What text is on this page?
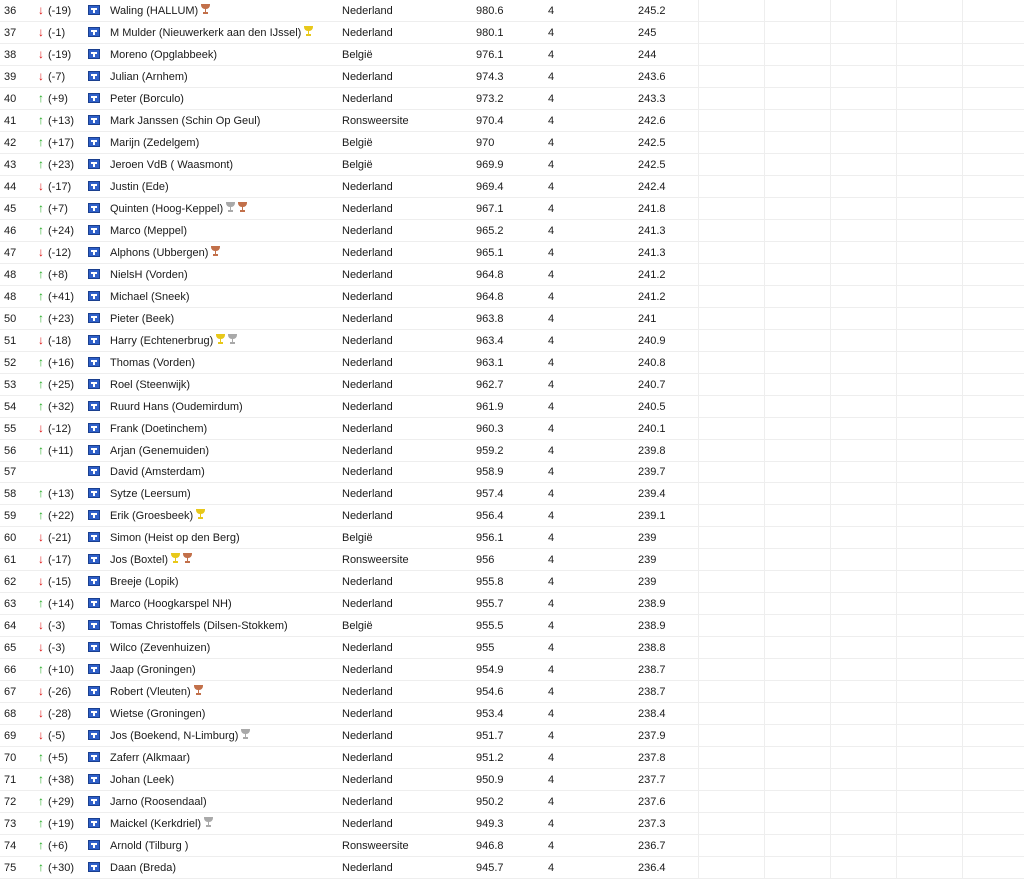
36	↓ (-19)		Waling (HALLUM)	Nederland	980.6	4	245.2					
37	↓ (-1)		M Mulder (Nieuwerkerk aan den IJssel)	Nederland	980.1	4	245					
38	↓ (-19)		Moreno (Opglabbeek)	België	976.1	4	244					
39	↓ (-7)		Julian (Arnhem)	Nederland	974.3	4	243.6					
40	↑ (+9)		Peter (Borculo)	Nederland	973.2	4	243.3					
41	↑ (+13)		Mark Janssen (Schin Op Geul)	Ronsweersite	970.4	4	242.6					
42	↑ (+17)		Marijn (Zedelgem)	België	970	4	242.5					
43	↑ (+23)		Jeroen VdB ( Waasmont)	België	969.9	4	242.5					
44	↓ (-17)		Justin (Ede)	Nederland	969.4	4	242.4					
45	↑ (+7)		Quinten (Hoog-Keppel)	Nederland	967.1	4	241.8					
46	↑ (+24)		Marco (Meppel)	Nederland	965.2	4	241.3					
47	↓ (-12)		Alphons (Ubbergen)	Nederland	965.1	4	241.3					
48	↑ (+8)		NielsH (Vorden)	Nederland	964.8	4	241.2					
48	↑ (+41)		Michael (Sneek)	Nederland	964.8	4	241.2					
50	↑ (+23)		Pieter (Beek)	Nederland	963.8	4	241					
51	↓ (-18)		Harry (Echtenerbrug)	Nederland	963.4	4	240.9					
52	↑ (+16)		Thomas (Vorden)	Nederland	963.1	4	240.8					
53	↑ (+25)		Roel (Steenwijk)	Nederland	962.7	4	240.7					
54	↑ (+32)		Ruurd Hans (Oudemirdum)	Nederland	961.9	4	240.5					
55	↓ (-12)		Frank (Doetinchem)	Nederland	960.3	4	240.1					
56	↑ (+11)		Arjan (Genemuiden)	Nederland	959.2	4	239.8					
57			David (Amsterdam)	Nederland	958.9	4	239.7					
58	↑ (+13)		Sytze (Leersum)	Nederland	957.4	4	239.4					
59	↑ (+22)		Erik (Groesbeek)	Nederland	956.4	4	239.1					
60	↓ (-21)		Simon (Heist op den Berg)	België	956.1	4	239					
61	↓ (-17)		Jos (Boxtel)	Ronsweersite	956	4	239					
62	↓ (-15)		Breeje (Lopik)	Nederland	955.8	4	239					
63	↑ (+14)		Marco (Hoogkarspel NH)	Nederland	955.7	4	238.9					
64	↓ (-3)		Tomas Christoffels (Dilsen-Stokkem)	België	955.5	4	238.9					
65	↓ (-3)		Wilco (Zevenhuizen)	Nederland	955	4	238.8					
66	↑ (+10)		Jaap (Groningen)	Nederland	954.9	4	238.7					
67	↓ (-26)		Robert (Vleuten)	Nederland	954.6	4	238.7					
68	↓ (-28)		Wietse (Groningen)	Nederland	953.4	4	238.4					
69	↓ (-5)		Jos (Boekend, N-Limburg)	Nederland	951.7	4	237.9					
70	↑ (+5)		Zaferr (Alkmaar)	Nederland	951.2	4	237.8					
71	↑ (+38)		Johan (Leek)	Nederland	950.9	4	237.7					
72	↑ (+29)		Jarno (Roosendaal)	Nederland	950.2	4	237.6					
73	↑ (+19)		Maickel (Kerkdriel)	Nederland	949.3	4	237.3					
74	↑ (+6)		Arnold (Tilburg )	Ronsweersite	946.8	4	236.7					
75	↑ (+30)		Daan (Breda)	Nederland	945.7	4	236.4					
